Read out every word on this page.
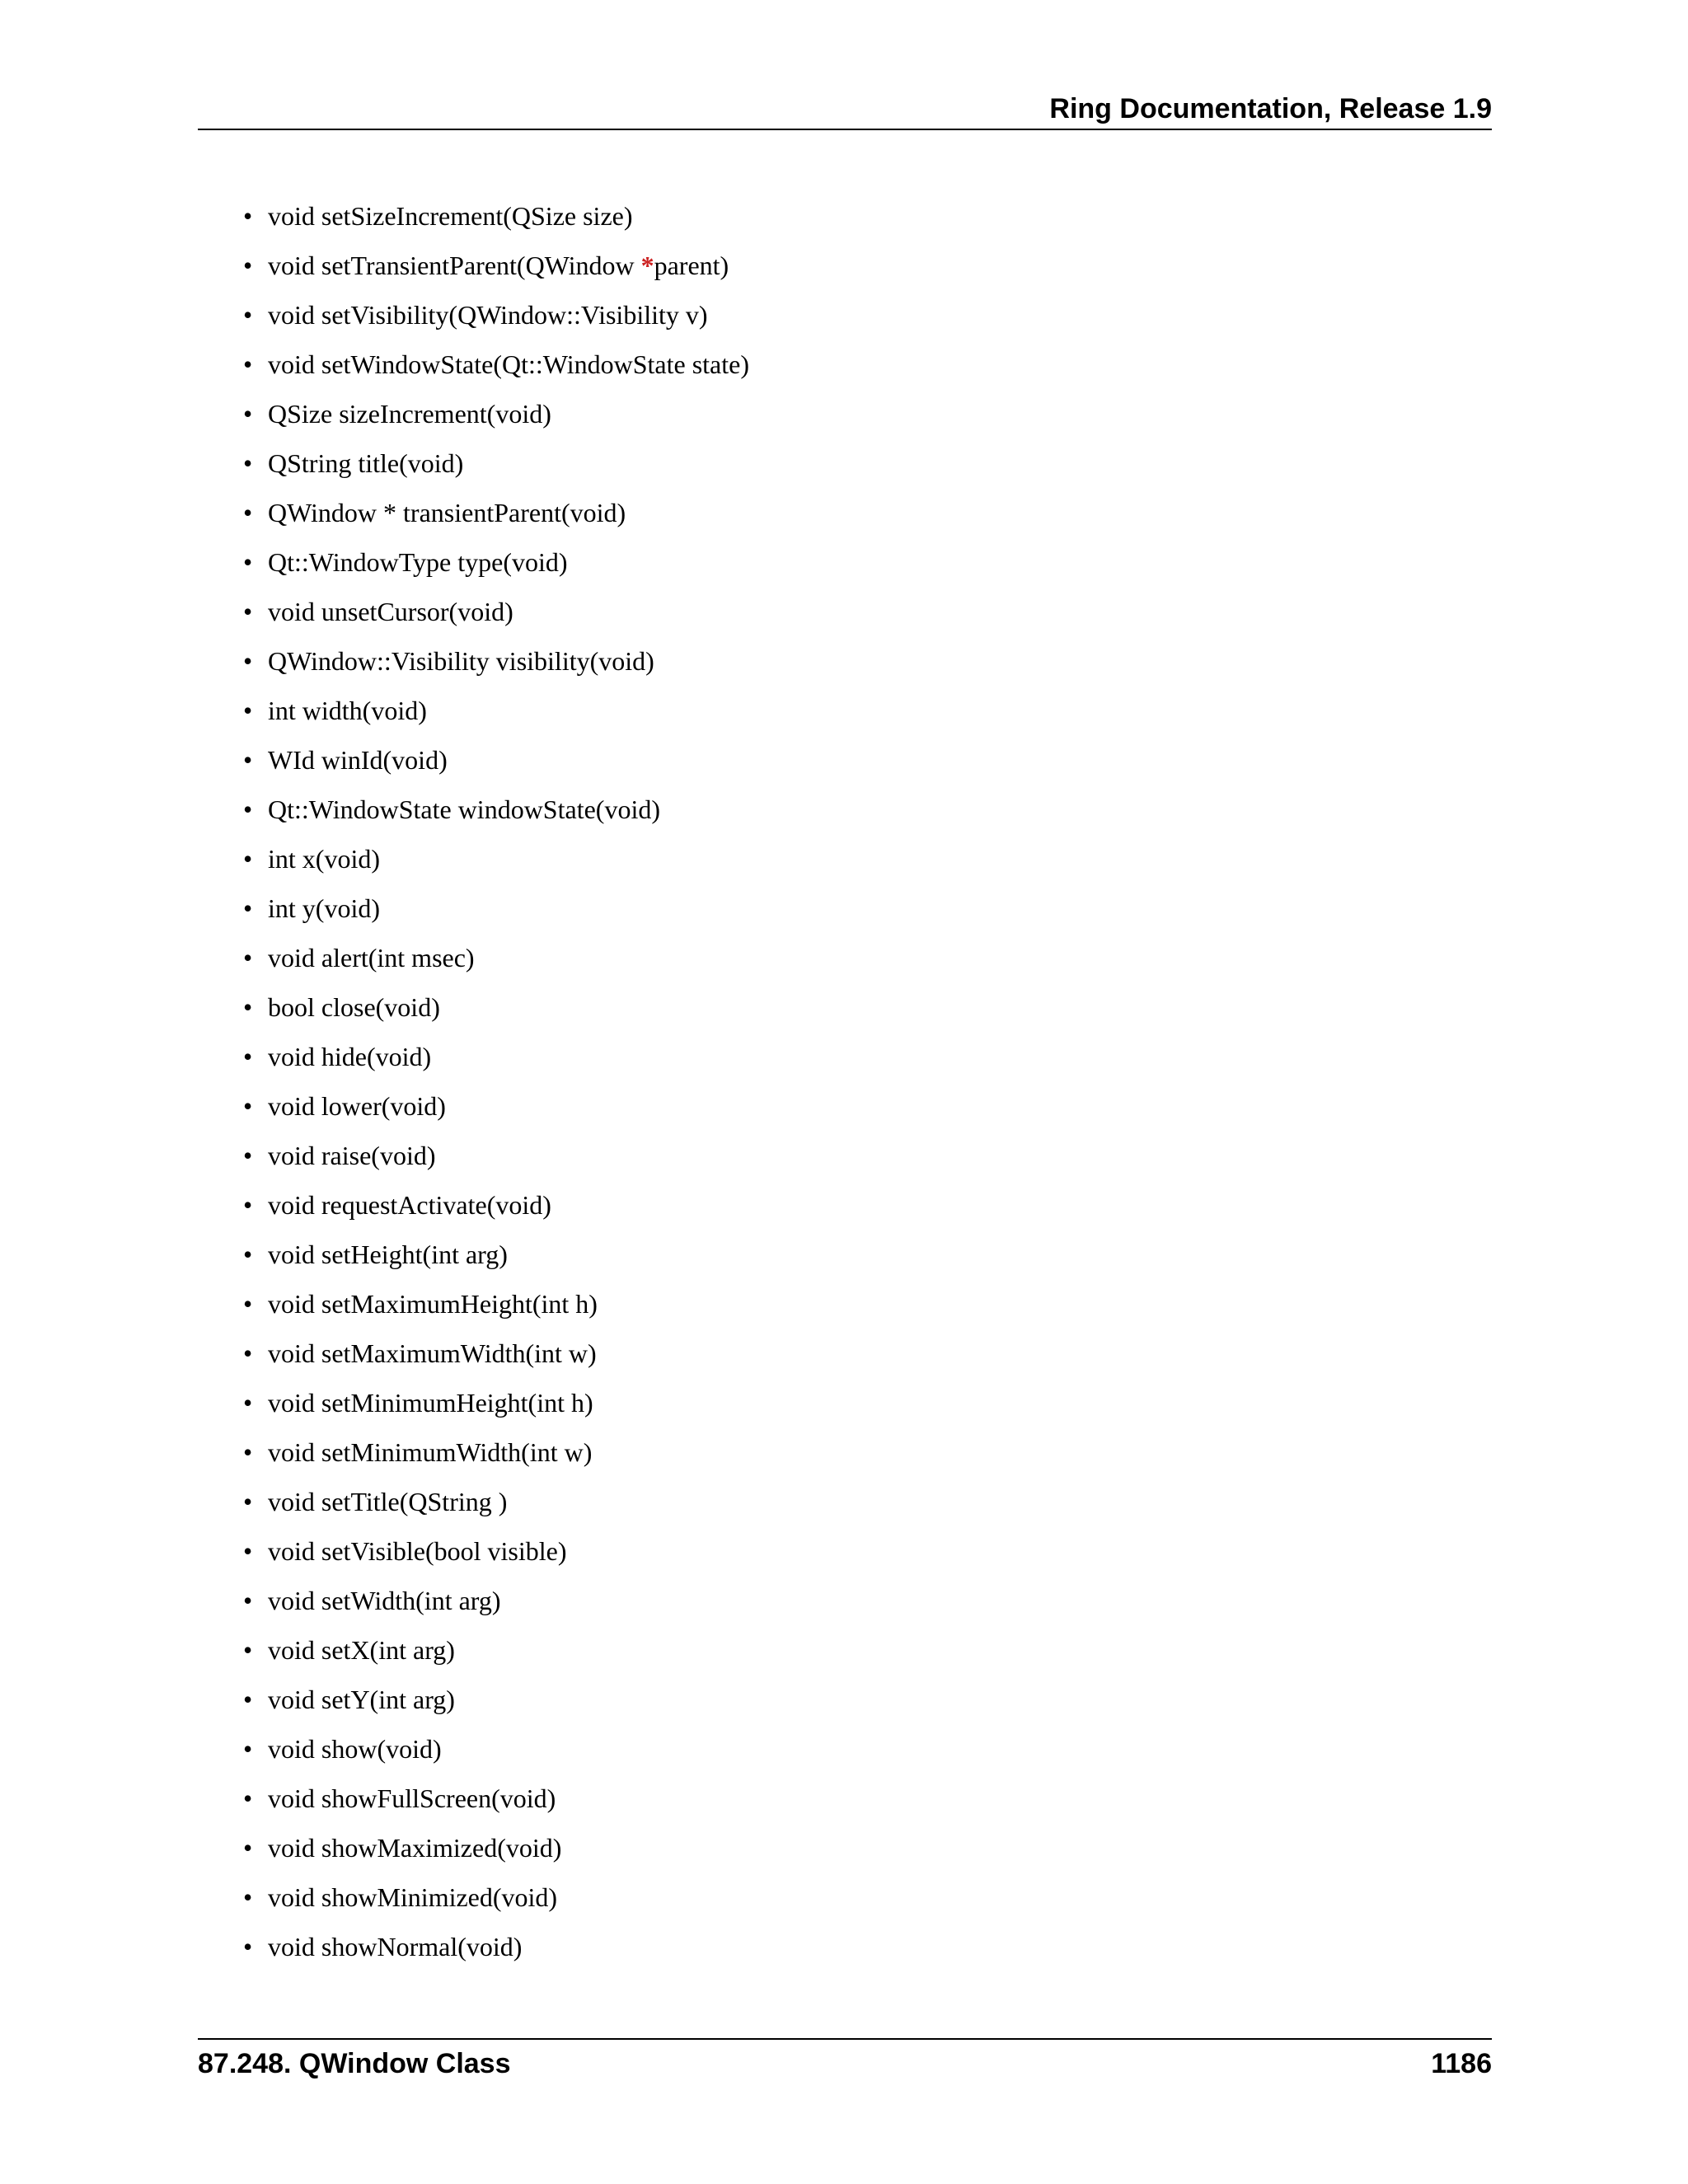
Ring Documentation, Release 1.9
• void setSizeIncrement(QSize size)
• void setTransientParent(QWindow *parent)
• void setVisibility(QWindow::Visibility v)
• void setWindowState(Qt::WindowState state)
• QSize sizeIncrement(void)
• QString title(void)
• QWindow * transientParent(void)
• Qt::WindowType type(void)
• void unsetCursor(void)
• QWindow::Visibility visibility(void)
• int width(void)
• WId winId(void)
• Qt::WindowState windowState(void)
• int x(void)
• int y(void)
• void alert(int msec)
• bool close(void)
• void hide(void)
• void lower(void)
• void raise(void)
• void requestActivate(void)
• void setHeight(int arg)
• void setMaximumHeight(int h)
• void setMaximumWidth(int w)
• void setMinimumHeight(int h)
• void setMinimumWidth(int w)
• void setTitle(QString )
• void setVisible(bool visible)
• void setWidth(int arg)
• void setX(int arg)
• void setY(int arg)
• void show(void)
• void showFullScreen(void)
• void showMaximized(void)
• void showMinimized(void)
• void showNormal(void)
87.248. QWindow Class	1186
